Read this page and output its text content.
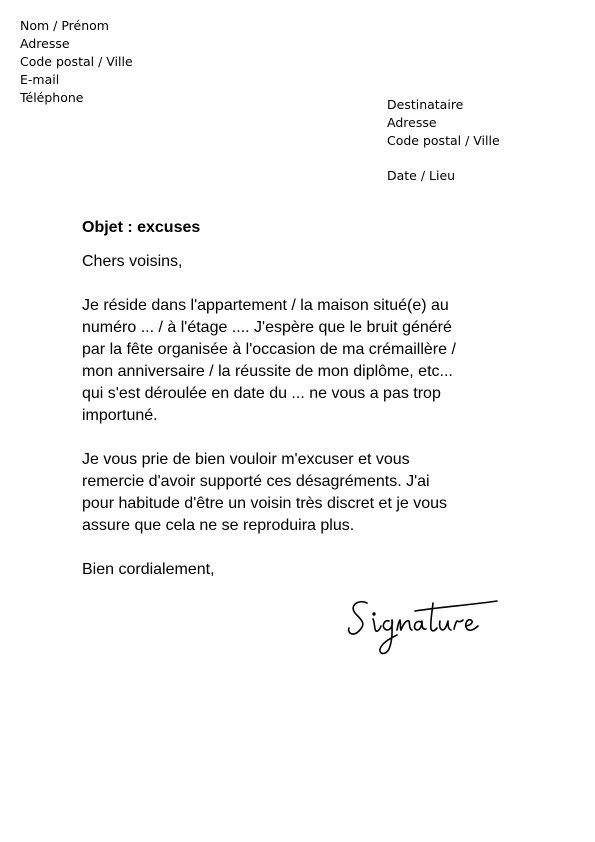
Nom / Prénom
Adresse
Code postal / Ville
E-mail
Téléphone	Destinataire
Adresse
Code postal / Ville
Date / Lieu
Objet : excuses
Chers voisins,
Je réside dans l'appartement / la maison situé(e) au
numéro ... / à l'étage .... J'espère que le bruit généré
par la fête organisée à l'occasion de ma crémaillère /
mon anniversaire / la réussite de mon diplôme, etc...
qui s'est déroulée en date du ... ne vous a pas trop
importuné.
Je vous prie de bien vouloir m'excuser et vous
remercie d'avoir supporté ces désagréments. J'ai
pour habitude d'être un voisin très discret et je vous
assure que cela ne se reproduira plus.
Bien cordialement,
